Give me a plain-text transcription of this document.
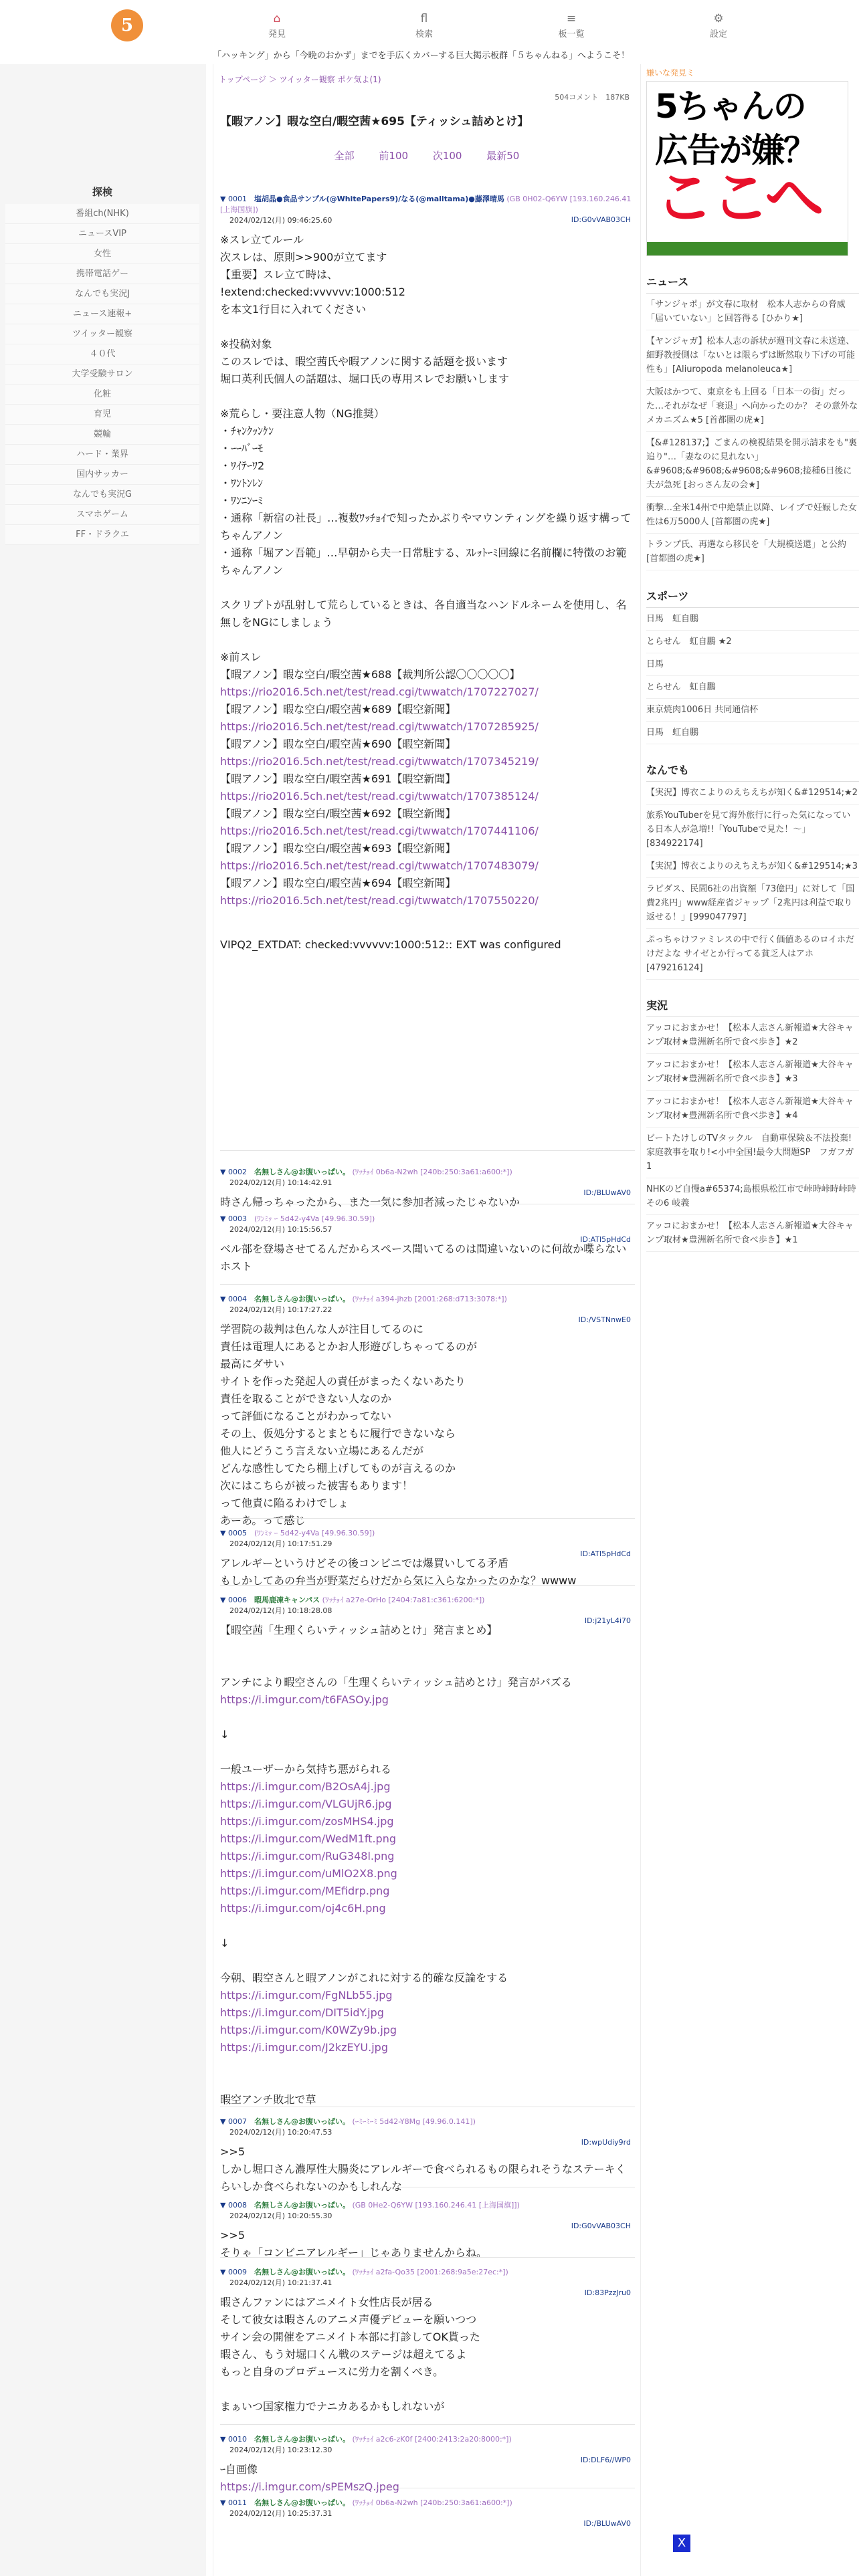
5	⌂
発見
fl
検索
≡
板一覧
⚙
設定
「ハッキング」から「今晩のおかず」までを手広くカバーする巨大掲示板群「５ちゃんねる」へようこそ！
探検
番組ch(NHK)
ニュースVIP
女性
携帯電話ゲー
なんでも実況J
ニュース速報+
ツイッター観察
４０代
大学受験サロン
化粧
育児
競輪
ハード・業界
国内サッカー
なんでも実況G
スマホゲーム
FF・ドラクエ
トップページ ＞ ツイッター観察 ポケ気よ(1)
504コメント　187KB
【暇アノン】暇な空白/暇空茜★695【ティッシュ詰めとけ】
全部 前100 次100 最新50
▼ 0001　塩胡晶●食品サンプル(@WhitePapers9)/なる(@malltama)●藤澤晴馬 (GB 0H02-Q6YW [193.160.246.41 [上海国旗])
2024/02/12(月) 09:46:25.60	ID:G0vVAB03CH
※スレ立てルール
次スレは、原則>>900が立てます
【重要】スレ立て時は、
!extend:checked:vvvvvv:1000:512
を本文1行目に入れてください

※投稿対象
このスレでは、暇空茜氏や暇アノンに関する話題を扱います
堀口英利氏個人の話題は、堀口氏の専用スレでお願いします

※荒らし・要注意人物（NG推奨）
・ﾁｬﾝｸｯﾝｹﾝ
・ｰｰﾊﾞｰﾓ
・ﾜｲﾃｰﾜ2
・ﾜﾝﾄﾝﾚﾝ
・ﾜﾝﾆﾝｰﾐ
・通称「新宿の社長」…複数ﾜｯﾁｮｲで知ったかぶりやマウンティングを繰り返す構ってちゃんアノン
・通称「堀アン吾範」…早朝から夫一日常駐する、ｽﾚｯﾄｰﾐ回線に名前欄に特徴のお範ちゃんアノン

スクリプトが乱射して荒らしているときは、各自適当なハンドルネームを使用し、名無しをNGにしましょう

※前スレ
【暇アノン】暇な空白/暇空茜★688【裁判所公認〇〇〇〇〇】
https://rio2016.5ch.net/test/read.cgi/twwatch/1707227027/
【暇アノン】暇な空白/暇空茜★689【暇空新聞】
https://rio2016.5ch.net/test/read.cgi/twwatch/1707285925/
【暇アノン】暇な空白/暇空茜★690【暇空新聞】
https://rio2016.5ch.net/test/read.cgi/twwatch/1707345219/
【暇アノン】暇な空白/暇空茜★691【暇空新聞】
https://rio2016.5ch.net/test/read.cgi/twwatch/1707385124/
【暇アノン】暇な空白/暇空茜★692【暇空新聞】
https://rio2016.5ch.net/test/read.cgi/twwatch/1707441106/
【暇アノン】暇な空白/暇空茜★693【暇空新聞】
https://rio2016.5ch.net/test/read.cgi/twwatch/1707483079/
【暇アノン】暇な空白/暇空茜★694【暇空新聞】
https://rio2016.5ch.net/test/read.cgi/twwatch/1707550220/
VIPQ2_EXTDAT: checked:vvvvvv:1000:512:: EXT was configured
▼ 0002　名無しさん@お腹いっぱい。 (ﾜｯﾁｮｲ 0b6a-N2wh [240b:250:3a61:a600:*])
2024/02/12(月) 10:14:42.91
ID:/BLUwAV0
時さん帰っちゃったから、また一気に参加者減ったじゃないか
▼ 0003　(ﾜﾝﾐｯ ｰ 5d42-y4Va [49.96.30.59])
2024/02/12(月) 10:15:56.57
ID:ATl5pHdCd
ベル部を登場させてるんだからスペース聞いてるのは間違いないのに何故か喋らないホスト
▼ 0004　名無しさん@お腹いっぱい。 (ﾜｯﾁｮｲ a394-jhzb [2001:268:d713:3078:*])
2024/02/12(月) 10:17:27.22
ID:/VSTNnwE0
学習院の裁判は色んな人が注目してるのに
責任は電理人にあるとかお人形遊びしちゃってるのが
最高にダサい
サイトを作った発起人の責任がまったくないあたり
責任を取ることができない人なのか
って評価になることがわかってない
その上、仮処分するとまともに履行できないなら
他人にどうこう言えない立場にあるんだが
どんな感性してたら棚上げしてものが言えるのか
次にはこちらが被った被害もあります！
って他責に陥るわけでしょ
あーあ。って感じ
▼ 0005　(ﾜﾝﾐｯ ｰ 5d42-y4Va [49.96.30.59])
2024/02/12(月) 10:17:51.29
ID:ATl5pHdCd
アレルギーというけどその後コンビニでは爆買いしてる矛盾
もしかしてあの弁当が野菜だらけだから気に入らなかったのかな？wwww
▼ 0006　暇馬鹿凍キャンパス (ﾜｯﾁｮｲ a27e-OrHo [2404:7a81:c361:6200:*])
2024/02/12(月) 10:18:28.08
ID:j21yL4i70
【暇空茜「生理くらいティッシュ詰めとけ」発言まとめ】

アンチにより暇空さんの「生理くらいティッシュ詰めとけ」発言がバズる
https://i.imgur.com/t6FASOy.jpg

↓

一般ユーザーから気持ち悪がられる
https://i.imgur.com/B2OsA4j.jpg
https://i.imgur.com/VLGUjR6.jpg
https://i.imgur.com/zosMHS4.jpg
https://i.imgur.com/WedM1ft.png
https://i.imgur.com/RuG348l.png
https://i.imgur.com/uMlO2X8.png
https://i.imgur.com/MEfidrp.png
https://i.imgur.com/oj4c6H.png

↓

今朝、暇空さんと暇アノンがこれに対する的確な反論をする
https://i.imgur.com/FgNLb55.jpg
https://i.imgur.com/DIT5idY.jpg
https://i.imgur.com/K0WZy9b.jpg
https://i.imgur.com/J2kzEYU.jpg

暇空アンチ敗北で草
▼ 0007　名無しさん@お腹いっぱい。 (ｰﾐｰﾐｰﾐ 5d42-Y8Mg [49.96.0.141])
2024/02/12(月) 10:20:47.53
ID:wpUdiy9rd
>>5
しかし堀口さん濃厚性大腸炎にアレルギーで食べられるもの限られそうなステーキくらいしか食べられないのかもしれんな
▼ 0008　名無しさん@お腹いっぱい。 (GB 0He2-Q6YW [193.160.246.41 [上海国旗]])
2024/02/12(月) 10:20:55.30
ID:G0vVAB03CH
>>5
そりゃ「コンビニアレルギー」じゃありませんからね。
▼ 0009　名無しさん@お腹いっぱい。 (ﾜｯﾁｮｲ a2fa-Qo35 [2001:268:9a5e:27ec:*])
2024/02/12(月) 10:21:37.41
ID:83PzzJru0
暇さんファンにはアニメイト女性店長が居る
そして彼女は暇さんのアニメ声優デビューを願いつつ
サイン会の開催をアニメイト本部に打診してOK貰った
暇さん、もう対堀口くん戦のステージは超えてるよ
もっと自身のプロデュースに労力を割くべき。

まぁいつ国家権力でナニカあるかもしれないが
▼ 0010　名無しさん@お腹いっぱい。 (ﾜｯﾁｮｲ a2c6-zK0f [2400:2413:2a20:8000:*])
2024/02/12(月) 10:23:12.30
ID:DLF6//WP0
ｰ自画像
https://i.imgur.com/sPEMszQ.jpeg
▼ 0011　名無しさん@お腹いっぱい。 (ﾜｯﾁｮｲ 0b6a-N2wh [240b:250:3a61:a600:*])
2024/02/12(月) 10:25:37.31
ID:/BLUwAV0
嫌いな発見ミ
5ちゃんの
広告が嫌？
ここへ
ニュース
「サンジャポ」が文春に取材　松本人志からの脅威「届いていない」と回答得る [ひかり★]
【ヤンジャガ】松本人志の訴状が週刊文春に未送達、細野教授側は「ないとは限らずは断然取り下げの可能性も」[Aliuropoda melanoleuca★]
大阪はかつて、東京をも上回る「日本一の街」だった…それがなぜ「衰退」へ向かったのか？ その意外なメカニズム★5 [首都圏の虎★]
【&#128137;】ごまんの検視結果を開示請求をも"裏追り"…「妻なのに見れない」&#9608;&#9608;&#9608;&#9608;接種6日後に夫が急死 [おっさん友の会★]
衝撃…全米14州で中絶禁止以降、レイプで妊娠した女性は6万5000人 [首都圏の虎★]
トランプ氏、再選なら移民を「大規模送還」と公約 [首都圏の虎★]
スポーツ
日馬　虹自鵬
とらせん　虹自鵬 ★2
日馬
とらせん　虹自鵬
東京焼肉1006日 共同通信杯
日馬　虹自鵬
なんでも
【実況】博衣こよりのえちえちが知く&#129514;★2
旅系YouTuberを見て海外旅行に行った気になっている日本人が急増!!「YouTubeで見た！～」[834922174]
【実況】博衣こよりのえちえちが知く&#129514;★3
ラピダス、民間6社の出資額「73億円」に対して「国費2兆円」www経産省ジャップ「2兆円は利益で取り返せる！」[999047797]
ぷっちゃけファミレスの中で行く価値あるのロイホだけだよな サイゼとか行ってる貧乏人はアホ [479216124]
実況
アッコにおまかせ！【松本人志さん新報道★大谷キャンプ取材★豊洲新名所で食べ歩き】★2
アッコにおまかせ！【松本人志さん新報道★大谷キャンプ取材★豊洲新名所で食べ歩き】★3
アッコにおまかせ！【松本人志さん新報道★大谷キャンプ取材★豊洲新名所で食べ歩き】★4
ビートたけしのTVタックル　自動車保険＆不法投棄!家庭教事を取り!<小中全国!最今大問題SP　フガフガ1
NHKのど自慢a#65374;島根県松江市で峠時峠時峠時 その6 岐義
アッコにおまかせ！【松本人志さん新報道★大谷キャンプ取材★豊洲新名所で食べ歩き】★1
X
